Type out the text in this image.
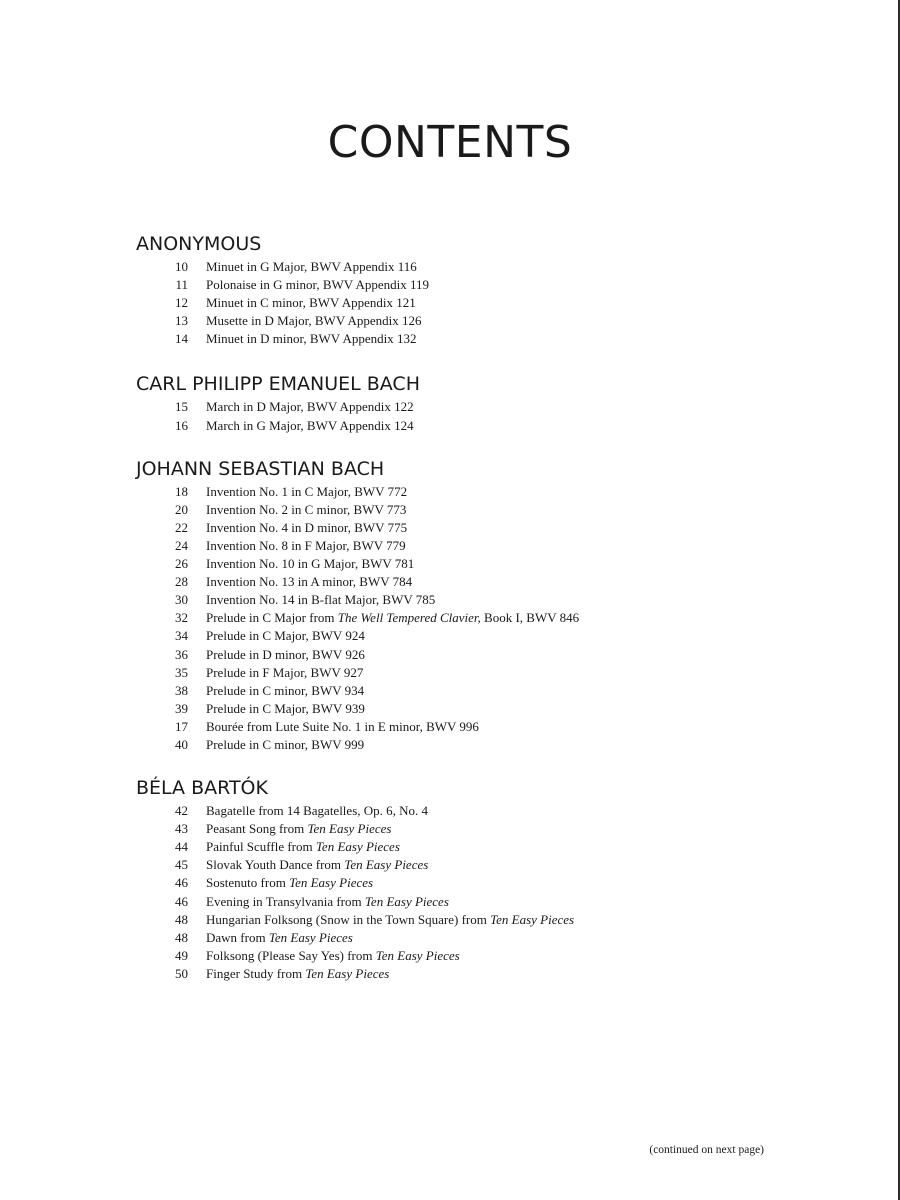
CONTENTS
ANONYMOUS
10 Minuet in G Major, BWV Appendix 116
11 Polonaise in G minor, BWV Appendix 119
12 Minuet in C minor, BWV Appendix 121
13 Musette in D Major, BWV Appendix 126
14 Minuet in D minor, BWV Appendix 132
CARL PHILIPP EMANUEL BACH
15 March in D Major, BWV Appendix 122
16 March in G Major, BWV Appendix 124
JOHANN SEBASTIAN BACH
18 Invention No. 1 in C Major, BWV 772
20 Invention No. 2 in C minor, BWV 773
22 Invention No. 4 in D minor, BWV 775
24 Invention No. 8 in F Major, BWV 779
26 Invention No. 10 in G Major, BWV 781
28 Invention No. 13 in A minor, BWV 784
30 Invention No. 14 in B-flat Major, BWV 785
32 Prelude in C Major from The Well Tempered Clavier, Book I, BWV 846
34 Prelude in C Major, BWV 924
36 Prelude in D minor, BWV 926
35 Prelude in F Major, BWV 927
38 Prelude in C minor, BWV 934
39 Prelude in C Major, BWV 939
17 Bourée from Lute Suite No. 1 in E minor, BWV 996
40 Prelude in C minor, BWV 999
BÉLA BARTÓK
42 Bagatelle from 14 Bagatelles, Op. 6, No. 4
43 Peasant Song from Ten Easy Pieces
44 Painful Scuffle from Ten Easy Pieces
45 Slovak Youth Dance from Ten Easy Pieces
46 Sostenuto from Ten Easy Pieces
46 Evening in Transylvania from Ten Easy Pieces
48 Hungarian Folksong (Snow in the Town Square) from Ten Easy Pieces
48 Dawn from Ten Easy Pieces
49 Folksong (Please Say Yes) from Ten Easy Pieces
50 Finger Study from Ten Easy Pieces
(continued on next page)
